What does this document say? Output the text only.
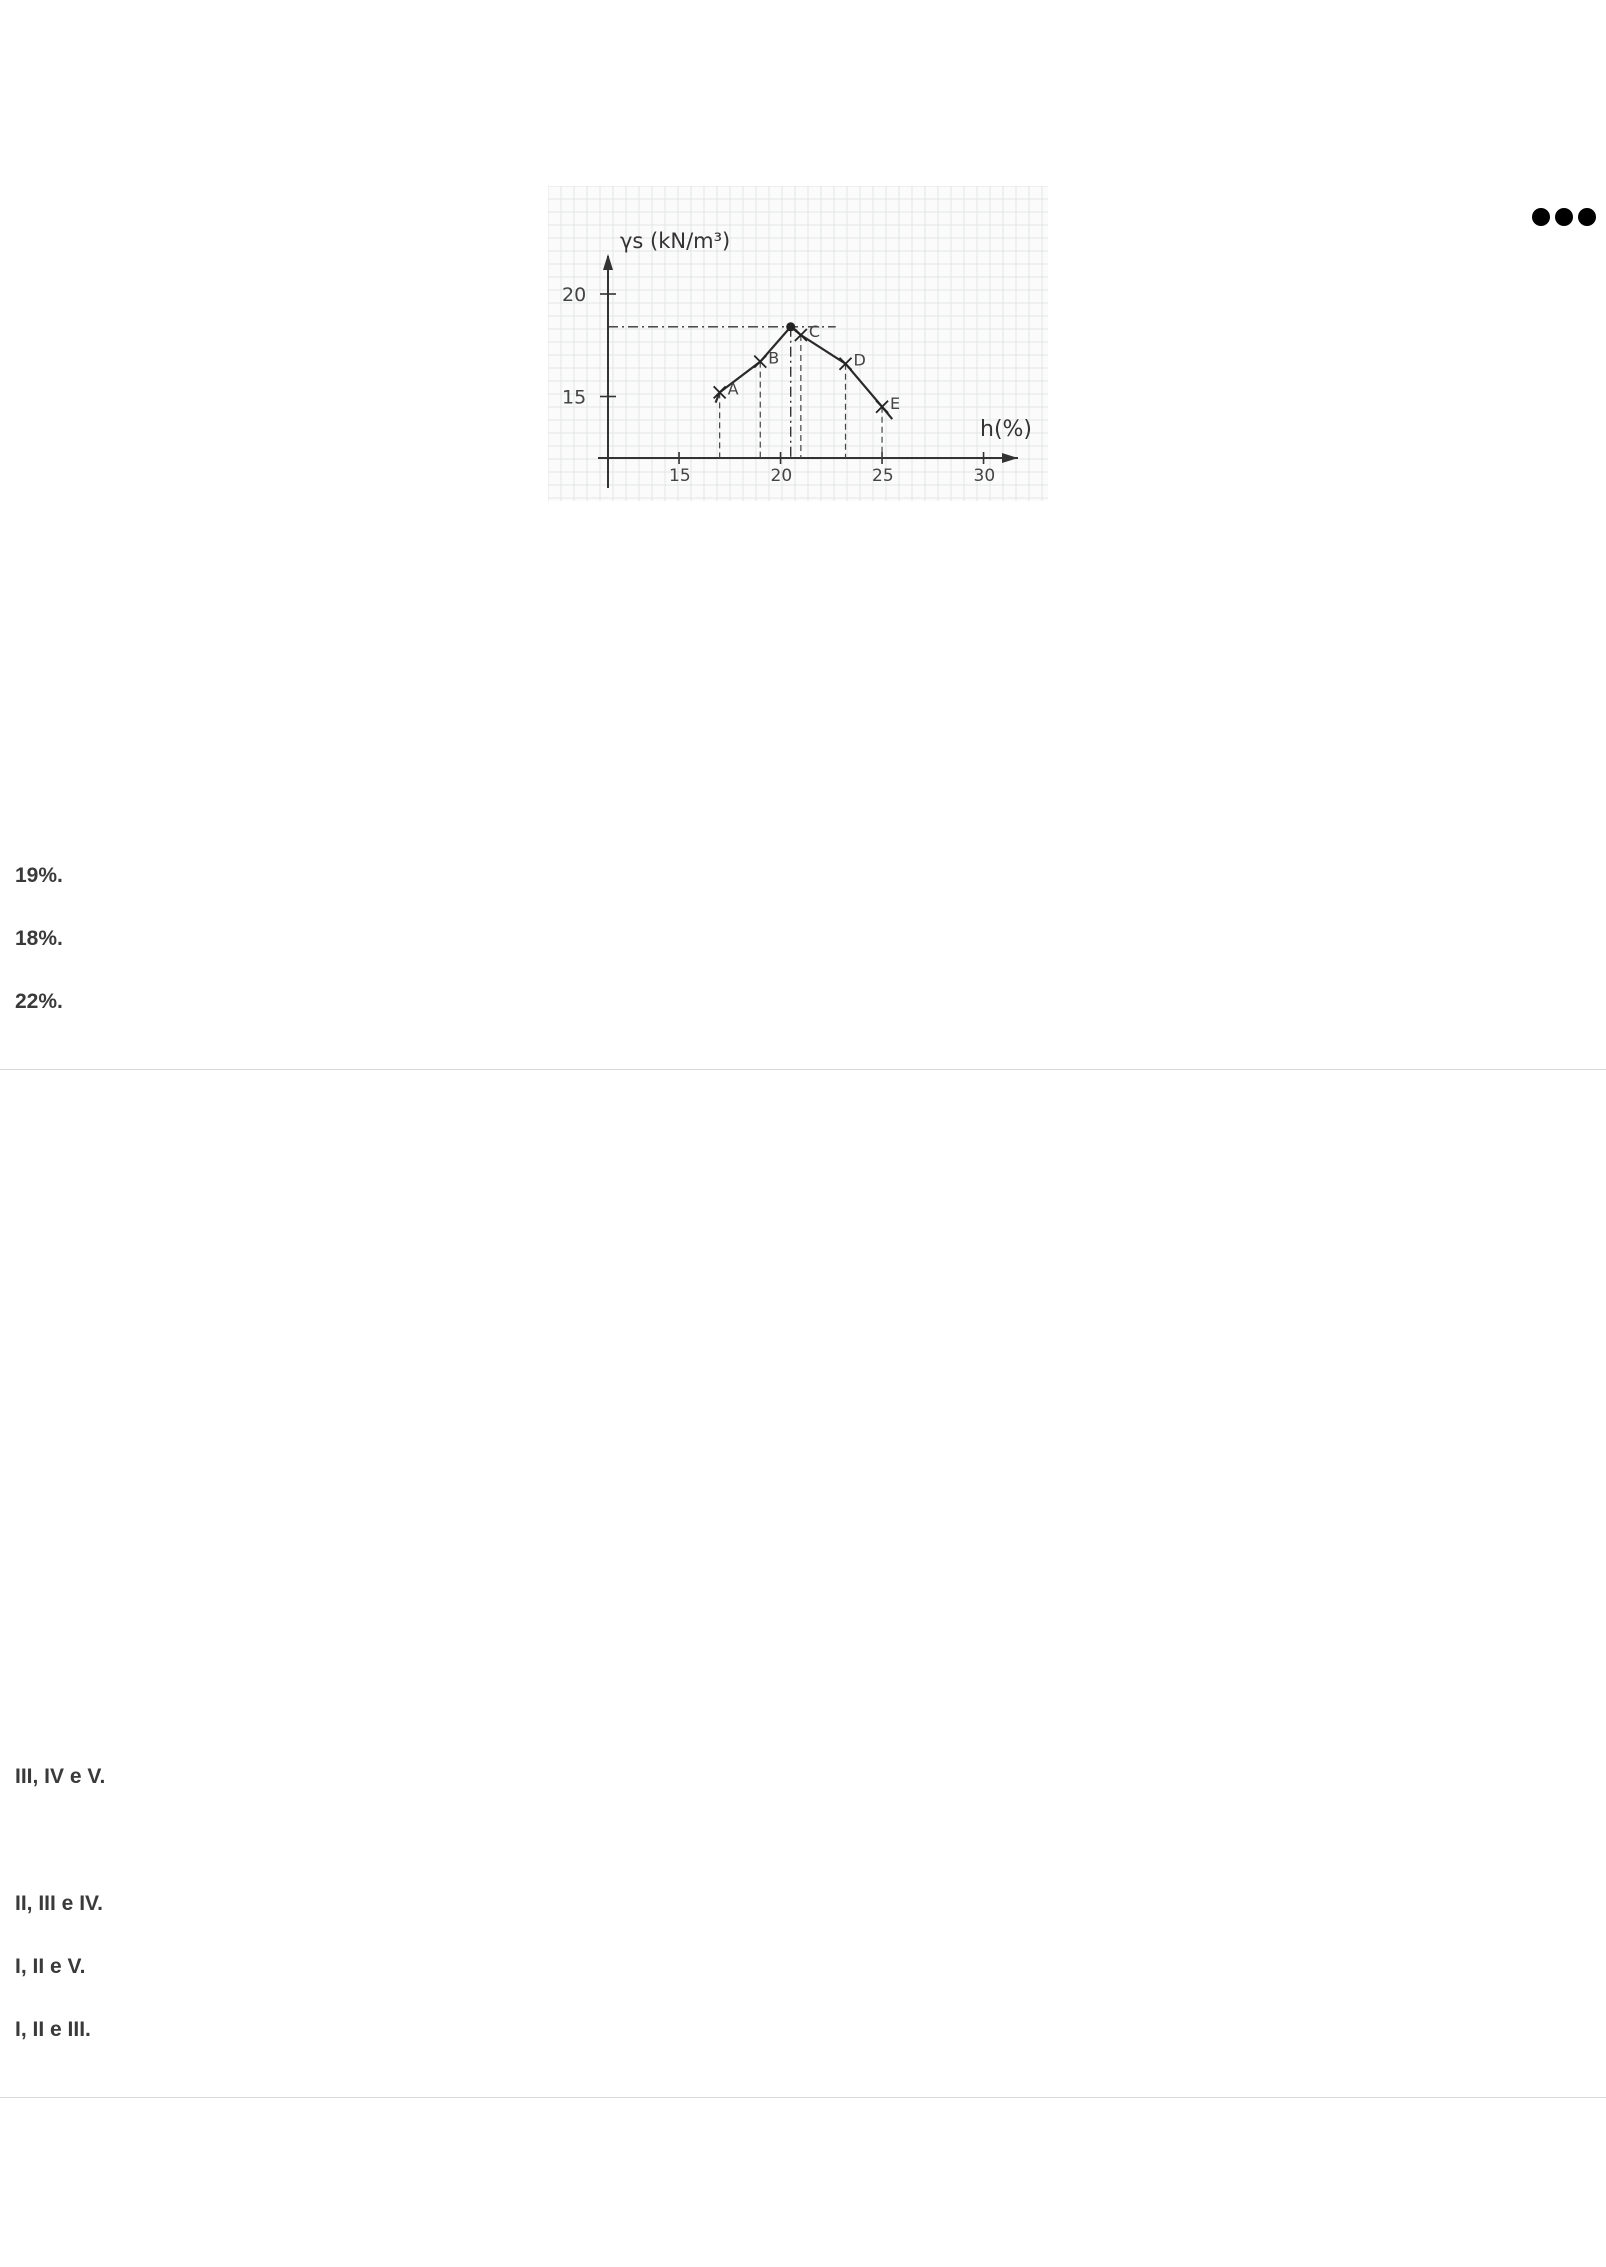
15	20	25	30
15
20
A
B
C
D
E
γs (kN/m³)
h(%)
19%.
18%.
22%.
III, IV e V.
II, III e IV.
I, II e V.
I, II e III.
